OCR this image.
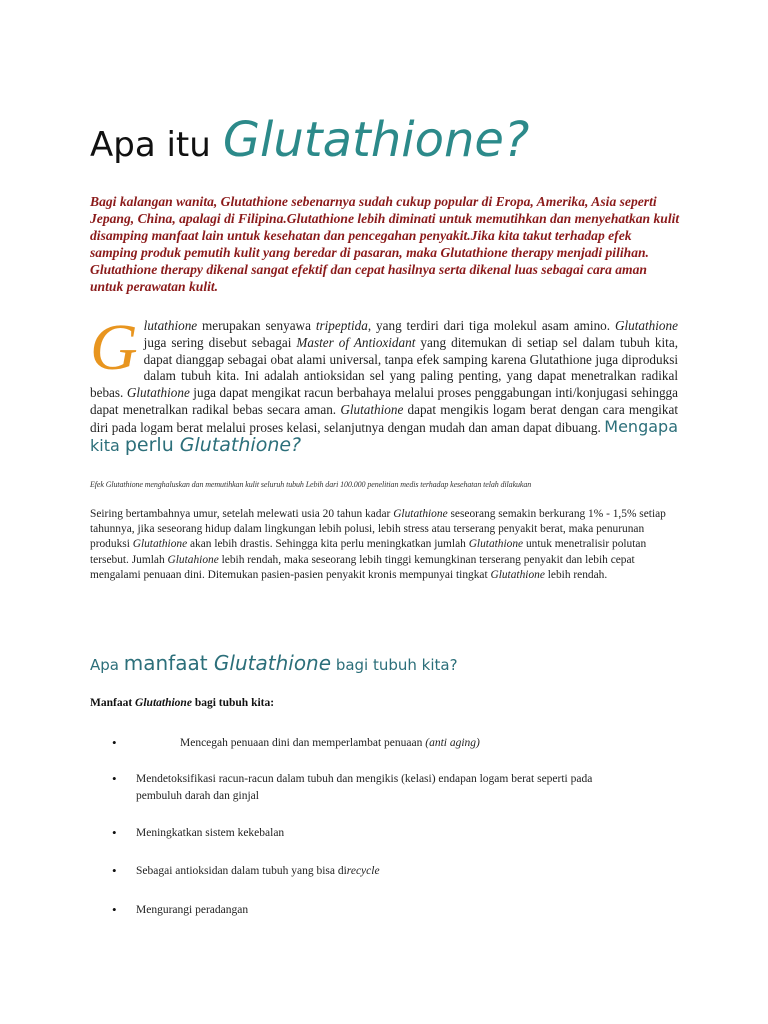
Apa itu Glutathione?
Bagi kalangan wanita, Glutathione sebenarnya sudah cukup popular di Eropa, Amerika, Asia seperti Jepang, China, apalagi di Filipina.Glutathione lebih diminati untuk memutihkan dan menyehatkan kulit disamping manfaat lain untuk kesehatan dan pencegahan penyakit.Jika kita takut terhadap efek samping produk pemutih kulit yang beredar di pasaran, maka Glutathione therapy menjadi pilihan. Glutathione therapy dikenal sangat efektif dan cepat hasilnya serta dikenal luas sebagai cara aman untuk perawatan kulit.
Glutathione merupakan senyawa tripeptida, yang terdiri dari tiga molekul asam amino. Glutathione juga sering disebut sebagai Master of Antioxidant yang ditemukan di setiap sel dalam tubuh kita, dapat dianggap sebagai obat alami universal, tanpa efek samping karena Glutathione juga diproduksi dalam tubuh kita. Ini adalah antioksidan sel yang paling penting, yang dapat menetralkan radikal bebas. Glutathione juga dapat mengikat racun berbahaya melalui proses penggabungan inti/konjugasi sehingga dapat menetralkan radikal bebas secara aman. Glutathione dapat mengikis logam berat dengan cara mengikat diri pada logam berat melalui proses kelasi, selanjutnya dengan mudah dan aman dapat dibuang. Mengapa kita perlu Glutathione?
Efek Glutathione menghaluskan dan memutihkan kulit seluruh tubuh Lebih dari 100.000 penelitian medis terhadap kesehatan telah dilakukan
Seiring bertambahnya umur, setelah melewati usia 20 tahun kadar Glutathione seseorang semakin berkurang 1% - 1,5% setiap tahunnya, jika seseorang hidup dalam lingkungan lebih polusi, lebih stress atau terserang penyakit berat, maka penurunan produksi Glutathione akan lebih drastis. Sehingga kita perlu meningkatkan jumlah Glutathione untuk menetralisir polutan tersebut. Jumlah Glutahione lebih rendah, maka seseorang lebih tinggi kemungkinan terserang penyakit dan lebih cepat mengalami penuaan dini. Ditemukan pasien-pasien penyakit kronis mempunyai tingkat Glutathione lebih rendah.
Apa manfaat Glutathione bagi tubuh kita?
Manfaat Glutathione bagi tubuh kita:
•	Mencegah penuaan dini dan memperlambat penuaan (anti aging)
• Mendetoksifikasi racun-racun dalam tubuh dan mengikis (kelasi) endapan logam berat seperti pada pembuluh darah dan ginjal
• Meningkatkan sistem kekebalan
• Sebagai antioksidan dalam tubuh yang bisa direcycle
• Mengurangi peradangan
